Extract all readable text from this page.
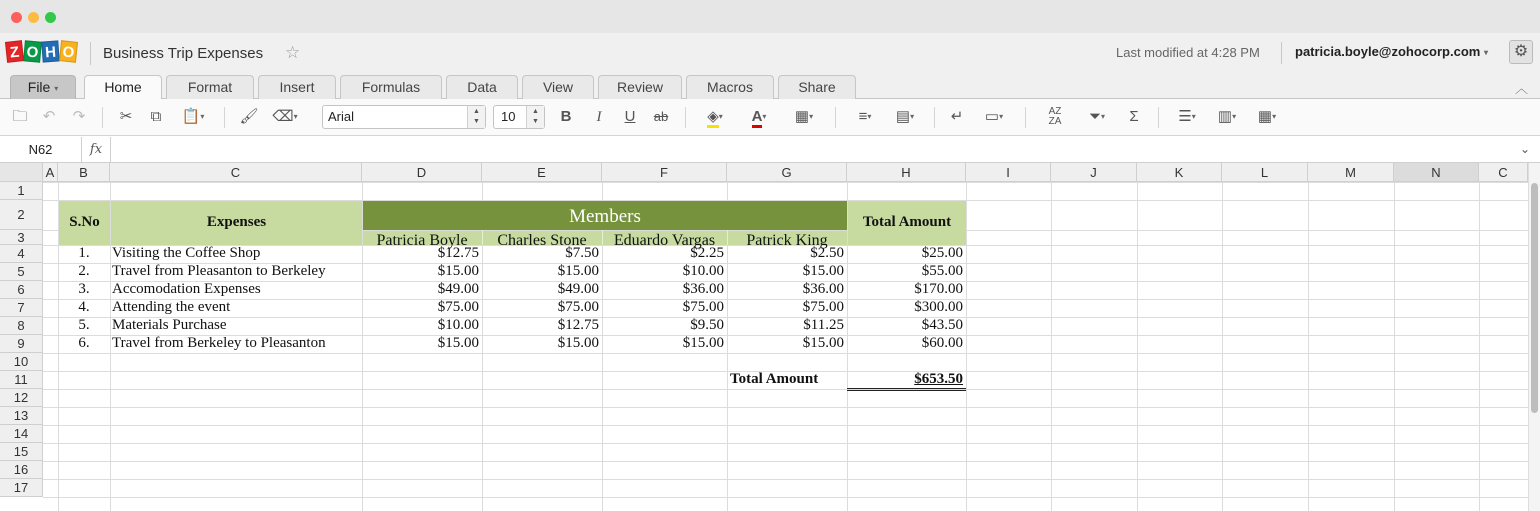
Z O H O Business Trip Expenses ☆	Last modified at 4:28 PM	patricia.boyle@zohocorp.com ▾	⚙
File ▾	Home	Format	Insert	Formulas	Data	View	Review	Macros	Share	︿
🗀 ↶ ↷ ✂	⧉	📋▾	🖌 ⌫▾	Arial	▲
▼	10	▲
▼	B	I	U	ab	◈▾	A▾	▦▾	≡▾	▤▾	↵	▭▾	AZ
ZA	⏷▾	Σ	☰▾	▥▾	▦▾
N62	fx	⌄
A	B	C	D	E	F	G	H	I	J	K	L	M	N	C
1
2
3
4
5
6
7
8
9
10
11
12
13
14
15
16
17
S.No	Expenses	Members	Total Amount
Patricia Boyle	Charles Stone	Eduardo Vargas	Patrick King
1.	Visiting the Coffee Shop	$12.75	$7.50	$2.25	$2.50	$25.00
2.	Travel from Pleasanton to Berkeley	$15.00	$15.00	$10.00	$15.00	$55.00
3.	Accomodation Expenses	$49.00	$49.00	$36.00	$36.00	$170.00
4.	Attending the event	$75.00	$75.00	$75.00	$75.00	$300.00
5.	Materials Purchase	$10.00	$12.75	$9.50	$11.25	$43.50
6.	Travel from Berkeley to Pleasanton	$15.00	$15.00	$15.00	$15.00	$60.00
Total Amount	$653.50
